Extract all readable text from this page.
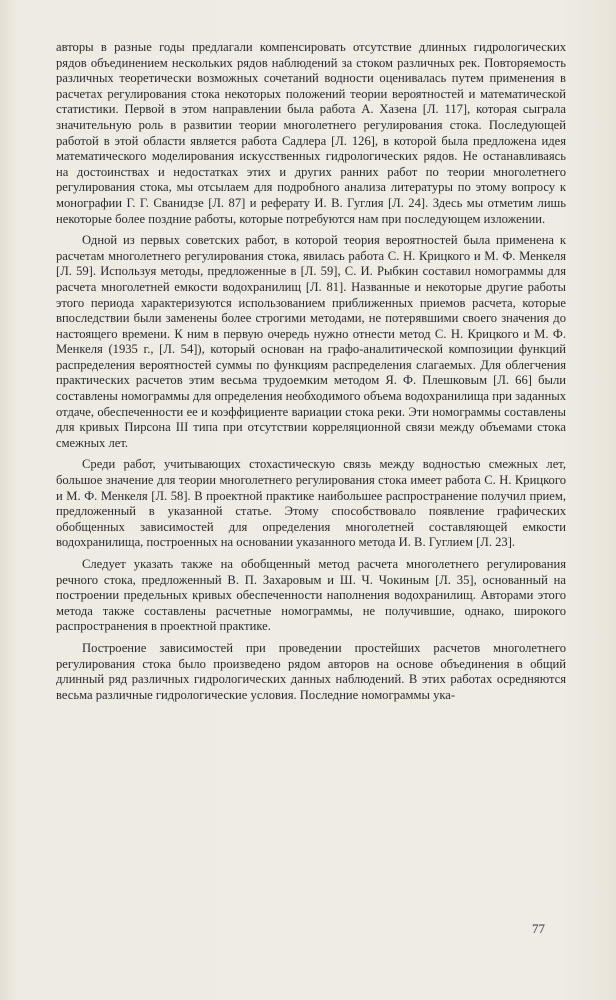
авторы в разные годы предлагали компенсировать отсутствие длинных гидрологических рядов объединением нескольких рядов наблюдений за стоком различных рек. Повторяемость различных теоретически возможных сочетаний водности оценивалась путем применения в расчетах регулирования стока некоторых положений теории вероятностей и математической статистики. Первой в этом направлении была работа А. Хазена [Л. 117], которая сыграла значительную роль в развитии теории многолетнего регулирования стока. Последующей работой в этой области является работа Садлера [Л. 126], в которой была предложена идея математического моделирования искусственных гидрологических рядов. Не останавливаясь на достоинствах и недостатках этих и других ранних работ по теории многолетнего регулирования стока, мы отсылаем для подробного анализа литературы по этому вопросу к монографии Г. Г. Сванидзе [Л. 87] и реферату И. В. Гуглия [Л. 24]. Здесь мы отметим лишь некоторые более поздние работы, которые потребуются нам при последующем изложении.

Одной из первых советских работ, в которой теория вероятностей была применена к расчетам многолетнего регулирования стока, явилась работа С. Н. Крицкого и М. Ф. Менкеля [Л. 59]. Используя методы, предложенные в [Л. 59], С. И. Рыбкин составил номограммы для расчета многолетней емкости водохранилищ [Л. 81]. Названные и некоторые другие работы этого периода характеризуются использованием приближенных приемов расчета, которые впоследствии были заменены более строгими методами, не потерявшими своего значения до настоящего времени. К ним в первую очередь нужно отнести метод С. Н. Крицкого и М. Ф. Менкеля (1935 г., [Л. 54]), который основан на графо-аналитической композиции функций распределения вероятностей суммы по функциям распределения слагаемых. Для облегчения практических расчетов этим весьма трудоемким методом Я. Ф. Плешковым [Л. 66] были составлены номограммы для определения необходимого объема водохранилища при заданных отдаче, обеспеченности ее и коэффициенте вариации стока реки. Эти номограммы составлены для кривых Пирсона III типа при отсутствии корреляционной связи между объемами стока смежных лет.

Среди работ, учитывающих стохастическую связь между водностью смежных лет, большое значение для теории многолетнего регулирования стока имеет работа С. Н. Крицкого и М. Ф. Менкеля [Л. 58]. В проектной практике наибольшее распространение получил прием, предложенный в указанной статье. Этому способствовало появление графических обобщенных зависимостей для определения многолетней составляющей емкости водохранилища, построенных на основании указанного метода И. В. Гуглием [Л. 23].

Следует указать также на обобщенный метод расчета многолетнего регулирования речного стока, предложенный В. П. Захаровым и Ш. Ч. Чокиным [Л. 35], основанный на построении предельных кривых обеспеченности наполнения водохранилищ. Авторами этого метода также составлены расчетные номограммы, не получившие, однако, широкого распространения в проектной практике.

Построение зависимостей при проведении простейших расчетов многолетнего регулирования стока было произведено рядом авторов на основе объединения в общий длинный ряд различных гидрологических данных наблюдений. В этих работах осредняются весьма различные гидрологические условия. Последние номограммы ука-

77
